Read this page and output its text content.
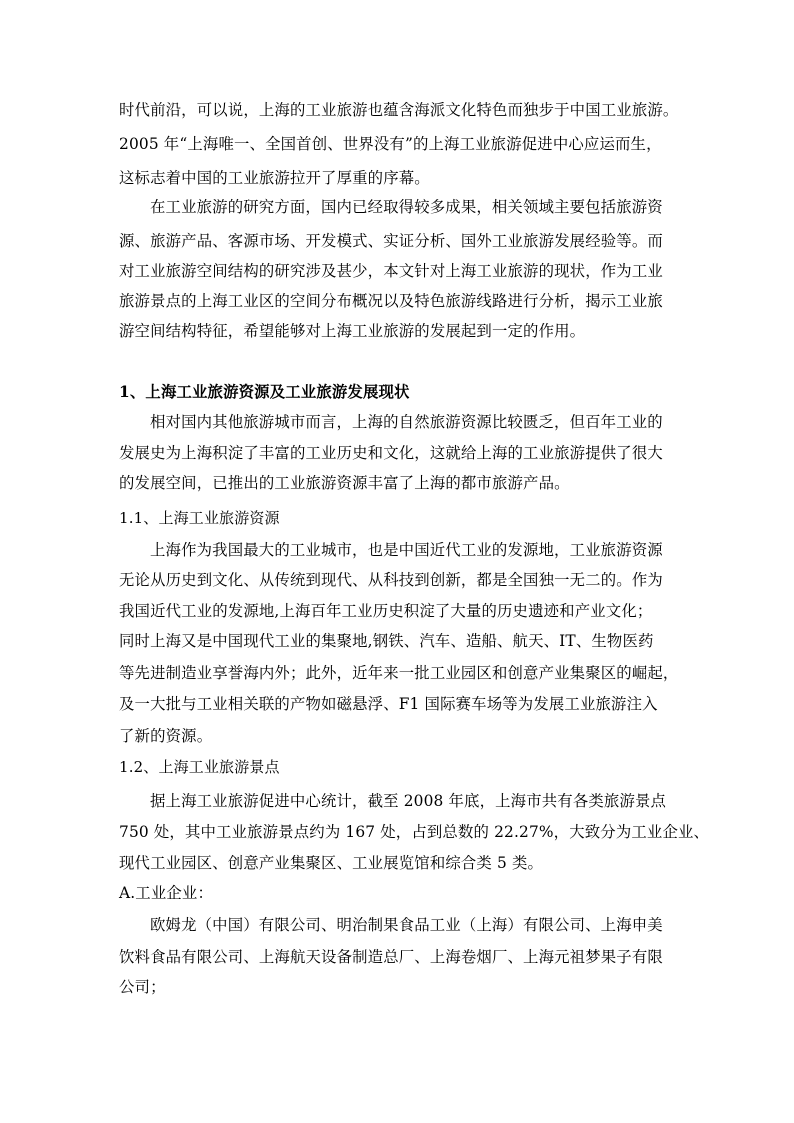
时代前沿，可以说，上海的工业旅游也蕴含海派文化特色而独步于中国工业旅游。
2005 年“上海唯一、全国首创、世界没有”的上海工业旅游促进中心应运而生，
这标志着中国的工业旅游拉开了厚重的序幕。
在工业旅游的研究方面，国内已经取得较多成果，相关领域主要包括旅游资
源、旅游产品、客源市场、开发模式、实证分析、国外工业旅游发展经验等。而
对工业旅游空间结构的研究涉及甚少，本文针对上海工业旅游的现状，作为工业
旅游景点的上海工业区的空间分布概况以及特色旅游线路进行分析，揭示工业旅
游空间结构特征，希望能够对上海工业旅游的发展起到一定的作用。
1、上海工业旅游资源及工业旅游发展现状
相对国内其他旅游城市而言，上海的自然旅游资源比较匮乏，但百年工业的
发展史为上海积淀了丰富的工业历史和文化，这就给上海的工业旅游提供了很大
的发展空间，已推出的工业旅游资源丰富了上海的都市旅游产品。
1.1、上海工业旅游资源
上海作为我国最大的工业城市，也是中国近代工业的发源地，工业旅游资源
无论从历史到文化、从传统到现代、从科技到创新，都是全国独一无二的。作为
我国近代工业的发源地,上海百年工业历史积淀了大量的历史遗迹和产业文化；
同时上海又是中国现代工业的集聚地,钢铁、汽车、造船、航天、IT、生物医药
等先进制造业享誉海内外；此外，近年来一批工业园区和创意产业集聚区的崛起，
及一大批与工业相关联的产物如磁悬浮、F1 国际赛车场等为发展工业旅游注入
了新的资源。
1.2、上海工业旅游景点
据上海工业旅游促进中心统计，截至 2008 年底，上海市共有各类旅游景点
750 处，其中工业旅游景点约为 167 处，占到总数的 22.27%，大致分为工业企业、
现代工业园区、创意产业集聚区、工业展览馆和综合类 5 类。
A.工业企业：
欧姆龙（中国）有限公司、明治制果食品工业（上海）有限公司、上海申美
饮料食品有限公司、上海航天设备制造总厂、上海卷烟厂、上海元祖梦果子有限
公司；
